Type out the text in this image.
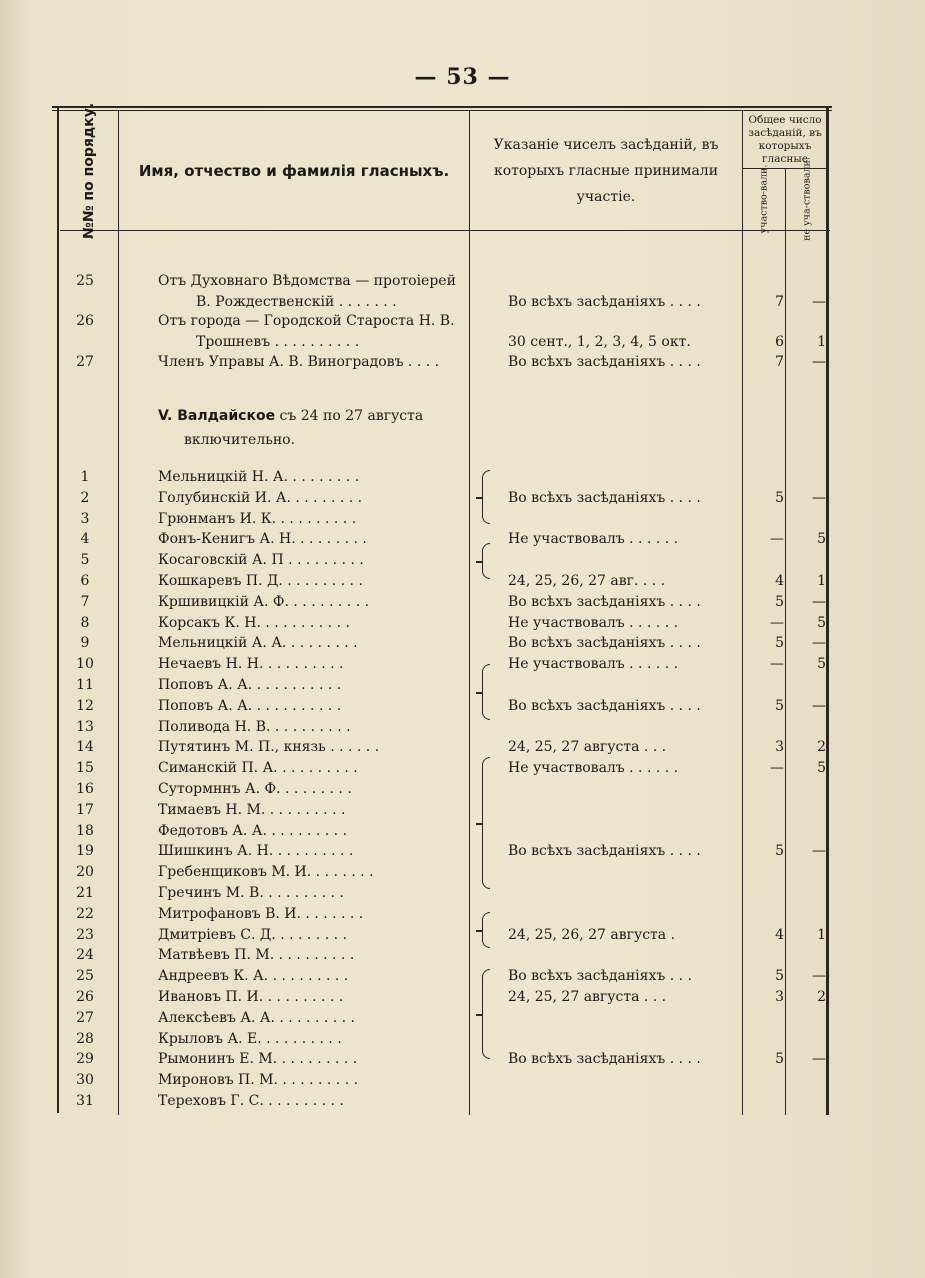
— 53 —
№№ по порядку.	Имя, отчество и фамилія гласныхъ.
Указаніе чиселъ засѣданій, въ
которыхъ гласные принимали
участіе.
Общее число засѣданій, въ которыхъ гласные
участво-вали.	не уча-ствовали.
25	Отъ Духовнаго Вѣдомства — протоіерей
В. Рождественскій . . . . . . .	Во всѣхъ засѣданіяхъ . . . .	7	—
26	Отъ города — Городской Староста Н. В.
Трошневъ . . . . . . . . . .	30 сент., 1, 2, 3, 4, 5 окт.	6	1
27	Членъ Управы А. В. Виноградовъ . . . .	Во всѣхъ засѣданіяхъ . . . .	7	—
V. Валдайское съ 24 по 27 августа
включительно.
1	Мельницкій Н. А. . . . . . . . .
2	Голубинскій И. А. . . . . . . . .	Во всѣхъ засѣданіяхъ . . . .	5	—
3	Грюнманъ И. К. . . . . . . . . .
4	Фонъ-Кенигъ А. Н. . . . . . . . .	Не участвовалъ . . . . . .	—	5
5	Косаговскій А. П . . . . . . . . .
6	Кошкаревъ П. Д. . . . . . . . . .	24, 25, 26, 27 авг. . . .	4	1
7	Кршивицкій А. Ф. . . . . . . . . .	Во всѣхъ засѣданіяхъ . . . .	5	—
8	Корсакъ К. Н. . . . . . . . . . .	Не участвовалъ . . . . . .	—	5
9	Мельницкій А. А. . . . . . . . .	Во всѣхъ засѣданіяхъ . . . .	5	—
10	Нечаевъ Н. Н. . . . . . . . . .	Не участвовалъ . . . . . .	—	5
11	Поповъ А. А. . . . . . . . . . .
12	Поповъ А. А. . . . . . . . . . .	Во всѣхъ засѣданіяхъ . . . .	5	—
13	Поливода Н. В. . . . . . . . . .
14	Путятинъ М. П., князь . . . . . .	24, 25, 27 августа . . .	3	2
15	Симанскій П. А. . . . . . . . . .	Не участвовалъ . . . . . .	—	5
16	Сутормннъ А. Ф. . . . . . . . .
17	Тимаевъ Н. М. . . . . . . . . .
18	Федотовъ А. А. . . . . . . . . .
19	Шишкинъ А. Н. . . . . . . . . .	Во всѣхъ засѣданіяхъ . . . .	5	—
20	Гребенщиковъ М. И. . . . . . . .
21	Гречинъ М. В. . . . . . . . . .
22	Митрофановъ В. И. . . . . . . .
23	Дмитріевъ С. Д. . . . . . . . .	24, 25, 26, 27 августа .	4	1
24	Матвѣевъ П. М. . . . . . . . . .
25	Андреевъ К. А. . . . . . . . . .	Во всѣхъ засѣданіяхъ . . .	5	—
26	Ивановъ П. И. . . . . . . . . .	24, 25, 27 августа . . .	3	2
27	Алексѣевъ А. А. . . . . . . . . .
28	Крыловъ А. Е. . . . . . . . . .
29	Рымонинъ Е. М. . . . . . . . . .	Во всѣхъ засѣданіяхъ . . . .	5	—
30	Мироновъ П. М. . . . . . . . . .
31	Тереховъ Г. С. . . . . . . . . .
